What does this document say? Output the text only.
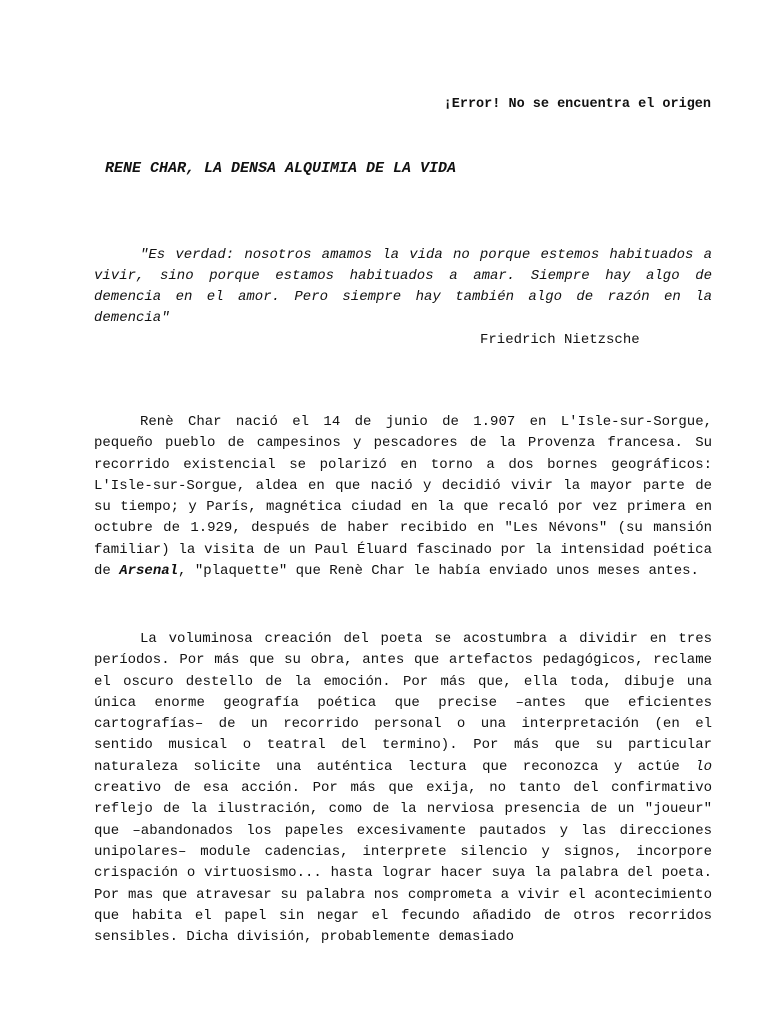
¡Error! No se encuentra el origen
RENE CHAR, LA DENSA ALQUIMIA DE LA VIDA
"Es verdad: nosotros amamos la vida no porque estemos habituados a vivir, sino porque estamos habituados a amar. Siempre hay algo de demencia en el amor. Pero siempre hay también algo de razón en la demencia"
Friedrich Nietzsche

Renè Char nació el 14 de junio de 1.907 en L'Isle-sur-Sorgue, pequeño pueblo de campesinos y pescadores de la Provenza francesa. Su recorrido existencial se polarizó en torno a dos bornes geográficos: L'Isle-sur-Sorgue, aldea en que nació y decidió vivir la mayor parte de su tiempo; y París, magnética ciudad en la que recaló por vez primera en octubre de 1.929, después de haber recibido en "Les Névons" (su mansión familiar) la visita de un Paul Éluard fascinado por la intensidad poética de Arsenal, "plaquette" que Renè Char le había enviado unos meses antes.

La voluminosa creación del poeta se acostumbra a dividir en tres períodos. Por más que su obra, antes que artefactos pedagógicos, reclame el oscuro destello de la emoción. Por más que, ella toda, dibuje una única enorme geografía poética que precise –antes que eficientes cartografías– de un recorrido personal o una interpretación (en el sentido musical o teatral del termino). Por más que su particular naturaleza solicite una auténtica lectura que reconozca y actúe lo creativo de esa acción. Por más que exija, no tanto del confirmativo reflejo de la ilustración, como de la nerviosa presencia de un "joueur" que –abandonados los papeles excesivamente pautados y las direcciones unipolares– module cadencias, interprete silencio y signos, incorpore crispación o virtuosismo... hasta lograr hacer suya la palabra del poeta. Por mas que atravesar su palabra nos comprometa a vivir el acontecimiento que habita el papel sin negar el fecundo añadido de otros recorridos sensibles. Dicha división, probablemente demasiado
